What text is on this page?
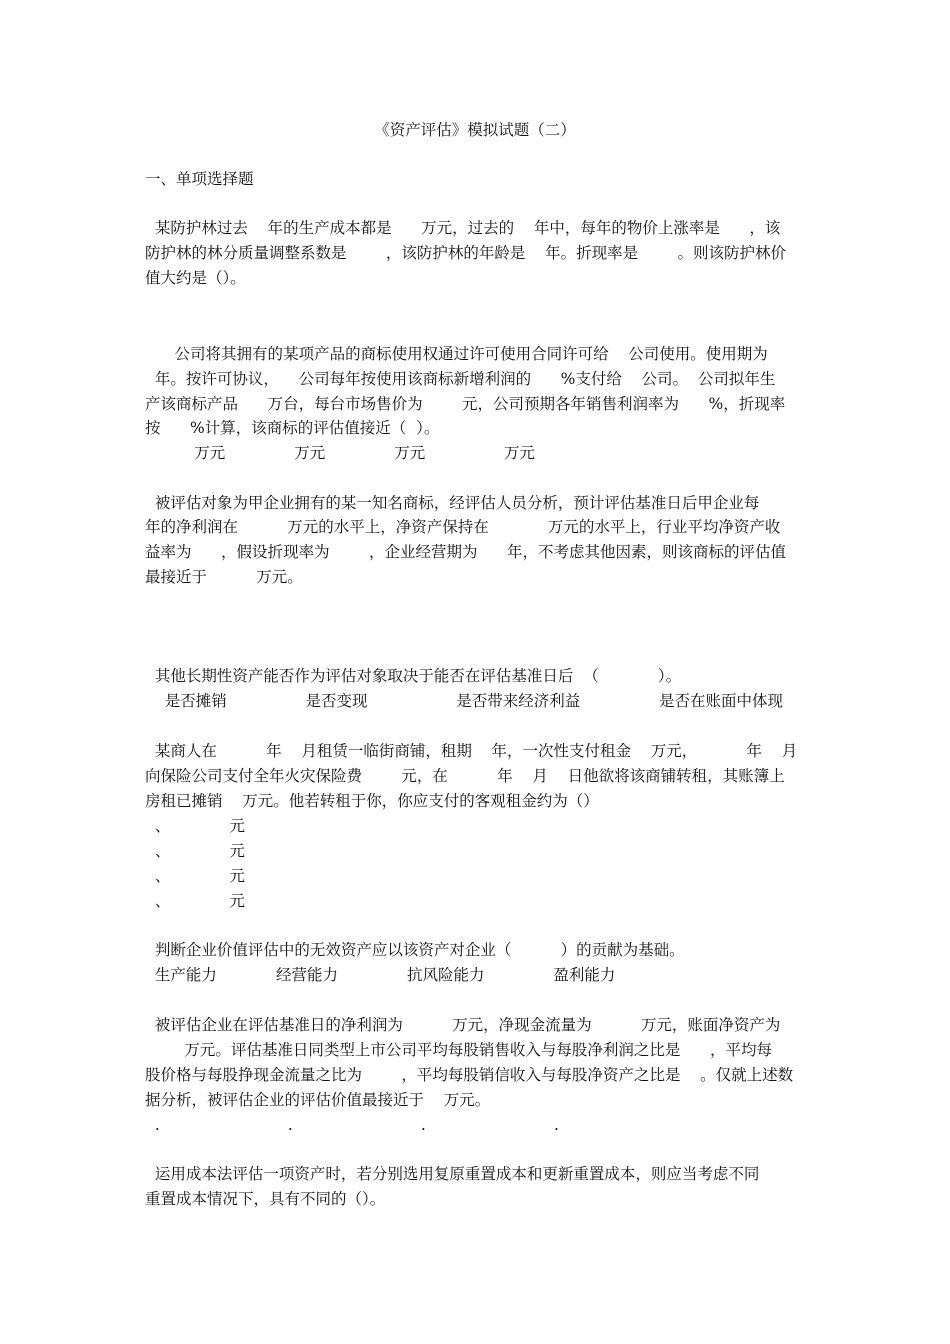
《资产评估》模拟试题（二）
一、单项选择题
某防护林过去    年的生产成本都是      万元，过去的    年中，每年的物价上涨率是      ，该
防护林的林分质量调整系数是        ，该防护林的年龄是    年。折现率是        。则该防护林价
值大约是（）。
公司将其拥有的某项产品的商标使用权通过许可使用合同许可给    公司使用。使用期为
年。按许可协议，    公司每年按使用该商标新增利润的      %支付给    公司。  公司拟年生
产该商标产品      万台，每台市场售价为        元，公司预期各年销售利润率为      %，折现率
按      %计算，该商标的评估值接近（  ）。
万元              万元              万元                万元
被评估对象为甲企业拥有的某一知名商标，经评估人员分析，预计评估基准日后甲企业每
年的净利润在          万元的水平上，净资产保持在            万元的水平上，行业平均净资产收
益率为      ，假设折现率为        ，企业经营期为      年，不考虑其他因素，则该商标的评估值
最接近于          万元。
其他长期性资产能否作为评估对象取决于能否在评估基准日后  （            ）。
是否摊销                是否变现                  是否带来经济利益                是否在账面中体现
某商人在          年    月租赁一临街商铺，租期    年，一次性支付租金    万元，          年    月
向保险公司支付全年火灾保险费        元，在          年    月    日他欲将该商铺转租，其账簿上
房租已摊销    万元。他若转租于你，你应支付的客观租金约为（）
、            元
、            元
、            元
、            元
判断企业价值评估中的无效资产应以该资产对企业（          ）的贡献为基础。
生产能力            经营能力              抗风险能力              盈利能力
被评估企业在评估基准日的净利润为          万元，净现金流量为          万元，账面净资产为
万元。评估基准日同类型上市公司平均每股销售收入与每股净利润之比是      ，平均每
股价格与每股挣现金流量之比为        ，平均每股销信收入与每股净资产之比是    。仅就上述数
据分析，被评估企业的评估价值最接近于    万元。
.                          .                          .                          .
运用成本法评估一项资产时，若分别选用复原重置成本和更新重置成本，则应当考虑不同
重置成本情况下，具有不同的（）。
